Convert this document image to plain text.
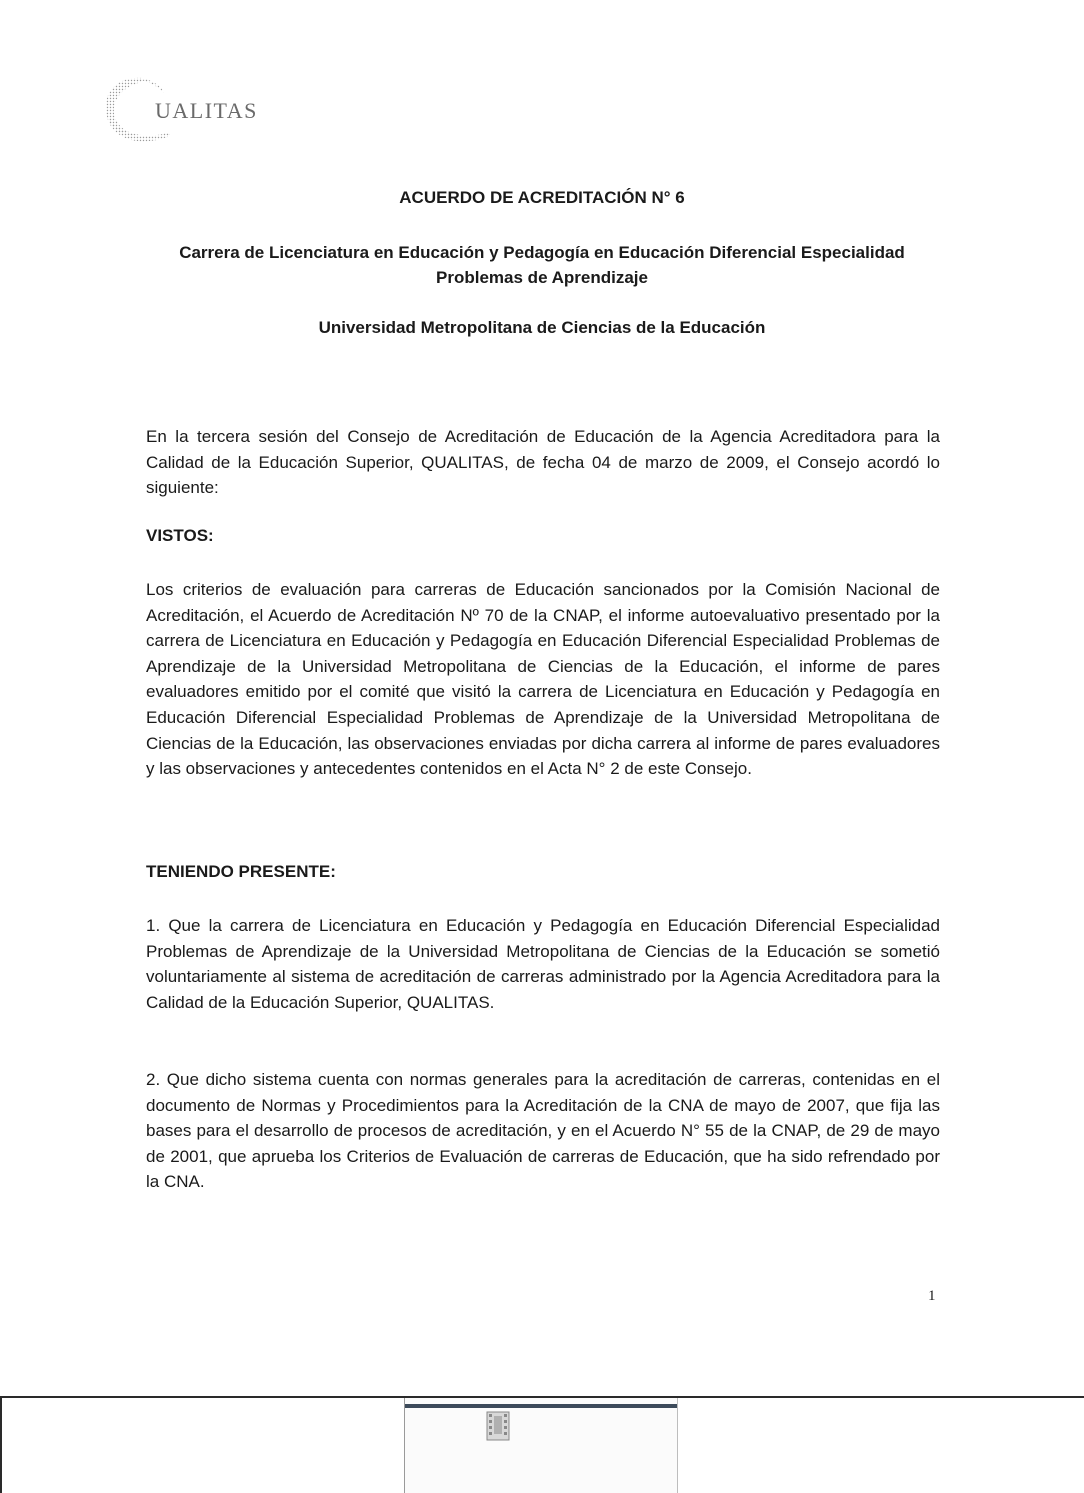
UALITAS
ACUERDO DE ACREDITACIÓN N° 6
Carrera de Licenciatura en Educación y Pedagogía en Educación Diferencial Especialidad Problemas de Aprendizaje
Universidad Metropolitana de Ciencias de la Educación

En la tercera sesión del Consejo de Acreditación de Educación de la Agencia Acreditadora para la Calidad de la Educación Superior, QUALITAS, de fecha 04 de marzo de 2009, el Consejo acordó lo siguiente:

VISTOS:

Los criterios de evaluación para carreras de Educación sancionados por la Comisión Nacional de Acreditación, el Acuerdo de Acreditación Nº 70 de la CNAP, el informe autoevaluativo presentado por la carrera de Licenciatura en Educación y Pedagogía en Educación Diferencial Especialidad Problemas de Aprendizaje de la Universidad Metropolitana de Ciencias de la Educación, el informe de pares evaluadores emitido por el comité que visitó la carrera de Licenciatura en Educación y Pedagogía en Educación Diferencial Especialidad Problemas de Aprendizaje de la Universidad Metropolitana de Ciencias de la Educación, las observaciones enviadas por dicha carrera al informe de pares evaluadores y las observaciones y antecedentes contenidos en el Acta N° 2 de este Consejo.

TENIENDO PRESENTE:

1. Que la carrera de Licenciatura en Educación y Pedagogía en Educación Diferencial Especialidad Problemas de Aprendizaje de la Universidad Metropolitana de Ciencias de la Educación se sometió voluntariamente al sistema de acreditación de carreras administrado por la Agencia Acreditadora para la Calidad de la Educación Superior, QUALITAS.

2. Que dicho sistema cuenta con normas generales para la acreditación de carreras, contenidas en el documento de Normas y Procedimientos para la Acreditación de la CNA de mayo de 2007, que fija las bases para el desarrollo de procesos de acreditación, y en el Acuerdo N° 55 de la CNAP, de 29 de mayo de 2001, que aprueba los Criterios de Evaluación de carreras de Educación, que ha sido refrendado por la CNA.

1
